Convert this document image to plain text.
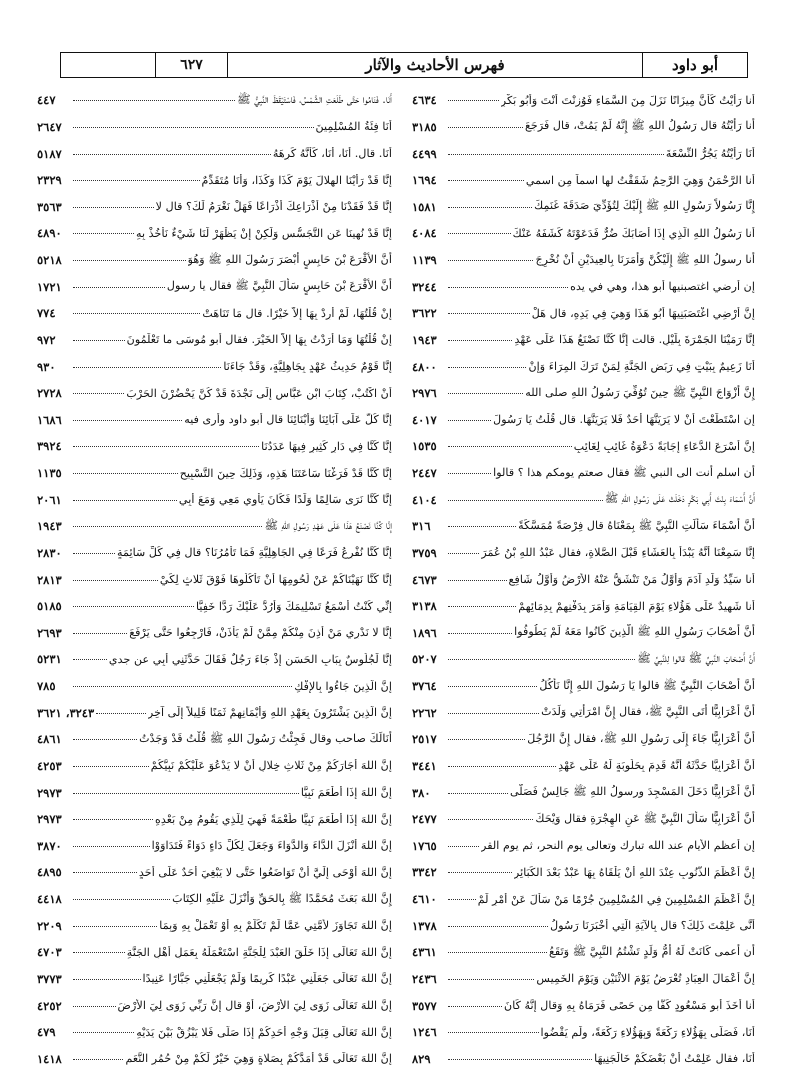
٦٢٧	فهرس الأحاديث والآثار	أبو داود
أَنا رَأَيْتُ كَأَنَّ مِيزَانًا نَزَلَ مِنَ السَّمَاءِ فَوُزِنْتَ أَنْتَ وَأَبُو بَكْرٍ
٤٦٣٤
أنا رَأَيْتُهُ قال رَسُولُ اللهِ ﷺ إِنَّهُ لَمْ يَمُتْ، قال فَرَجَعَ
٣١٨٥
أَنَا رَأَيْتُهُ يَجُرُّ النِّسْعَةَ
٤٤٩٩
أَنا الرَّحْمَنُ وَهِيَ الرَّحِمُ شَقَقْتُ لها اسماً مِن اسمي
١٦٩٤
إِنَّا رَسُولاً رَسُولِ اللهِ ﷺ إِلَيْكَ لِتُؤَدِّيَ صَدَقَةَ غَنَمِكَ
١٥٨١
أَنا رَسُولُ اللهِ الَّذِي إِذَا أَصَابَكَ ضُرٌّ فَدَعَوْتَهُ كَشَفَهُ عَنْكَ
٤٠٨٤
أَنا رسولُ اللهِ ﷺ إِلَيْكُنَّ وَأَمَرَنَا بِالعِيدَيْنِ أَنْ نُخْرِجَ
١١٣٩
إن أرضي اغتصبنيها أبو هذا، وهي في يده
٣٢٤٤
إِنَّ أَرْضِي اغْتَصَبَنِيهَا أَبُو هَذَا وَهِيَ فِي يَدِهِ، قال هَلْ
٣٦٢٢
إِنَّا رَمَيْنَا الجَمْرَةَ بِلَيْلٍ. قالت إِنَّا كُنَّا نَصْنَعُ هَذَا عَلَى عَهْدِ
١٩٤٣
أَنَا زَعِيمٌ بِبَيْتٍ فِي رَبَضِ الجَنَّةِ لِمَنْ تَرَكَ المِرَاءَ وَإِنْ
٤٨٠٠
إِنَّ أَزْوَاجَ النَّبِيِّ ﷺ حِينَ تُوُفِّيَ رَسُولُ اللهِ صلى الله
٢٩٧٦
إِنِ اسْتَطَعْتَ أَنْ لا يَرَيَنَّهَا أَحَدٌ فَلا يَرَيَنَّهَا. قال قُلْتُ يَا رَسُولَ
٤٠١٧
إِنَّ أَسْرَعَ الدُّعَاءِ إِجَابَةً دَعْوَةُ غَائِبٍ لِغَائِبٍ
١٥٣٥
أن اسلم أنت الى النبي ﷺ فقال صعتم يومكم هذا ؟ قالوا
٢٤٤٧
أَنَّ أَسْمَاءَ بِنْتَ أَبِي بَكْرٍ دَخَلَتْ عَلَى رَسُولِ اللهِ ﷺ
٤١٠٤
أَنَّ أَسْمَاءَ سَأَلَتِ النَّبِيَّ ﷺ بِمَعْنَاهُ قال فِرْصَةً مُمَسَّكَةً
٣١٦
إِنَّا سَمِعْنَا أَنَّهُ يَبْدَأُ بِالعَشَاءِ قَبْلَ الصَّلاةِ، فقال عَبْدُ اللهِ بْنُ عُمَرَ
٣٧٥٩
أَنا سَيِّدُ وَلَدِ آدَمَ وَأَوَّلُ مَنْ تَنْشَقُّ عَنْهُ الأَرْضُ وَأَوَّلُ شَافِعٍ
٤٦٧٣
أَنا شَهِيدٌ عَلَى هَؤُلاءِ يَوْمَ القِيَامَةِ وَأَمَرَ بِدَفْنِهِمْ بِدِمَائِهِمْ
٣١٣٨
أَنَّ أَصْحَابَ رَسُولِ اللهِ ﷺ الَّذِينَ كَانُوا مَعَهُ لَمْ يَطُوفُوا
١٨٩٦
أَنَّ أَصْحَابَ النَّبِيِّ ﷺ قالوا لِلنَّبِيِّ ﷺ
٥٢٠٧
أَنَّ أَصْحَابَ النَّبِيِّ ﷺ قالوا يَا رَسُولَ اللهِ إِنَّا نَأْكُلُ
٣٧٦٤
أَنَّ أَعْرَابِيًّا أَتَى النَّبِيَّ ﷺ، فقال إِنَّ امْرَأَتِي وَلَدَتْ
٢٢٦٢
أَنَّ أَعْرَابِيًّا جَاءَ إِلَى رَسُولِ اللهِ ﷺ، فقال إِنَّ الرَّجُلَ
٢٥١٧
أَنَّ أَعْرَابِيًّا حَدَّثَهُ أَنَّهُ قَدِمَ بِحَلُوبَةٍ لَهُ عَلَى عَهْدِ
٣٤٤١
أَنَّ أَعْرَابِيًّا دَخَلَ المَسْجِدَ ورسولُ اللهِ ﷺ جَالِسٌ فَصَلَّى
٣٨٠
أَنَّ أَعْرَابِيًّا سَأَلَ النَّبِيَّ ﷺ عَنِ الهِجْرَةِ فقال وَيْحَكَ
٢٤٧٧
إن أعظم الأيام عند الله تبارك وتعالى يوم النحر، ثم يوم القر
١٧٦٥
إِنَّ أَعْظَمَ الذُّنُوبِ عِنْدَ اللهِ أَنْ يَلْقَاهُ بِهَا عَبْدٌ بَعْدَ الكَبَائِرِ
٣٣٤٢
إِنَّ أَعْظَمَ المُسْلِمِينَ فِي المُسْلِمِينَ جُرْمًا مَنْ سَأَلَ عَنْ أَمْرٍ لَمْ
٤٦١٠
أَنَّى عَلِمْتَ ذَلِكَ؟ قال بِالآيَةِ الَّتِي أَخْبَرَنَا رَسُولُ
١٣٧٨
أن أعمى كَانَتْ لَهُ أُمُّ وَلَدٍ تَشْتُمُ النَّبِيَّ ﷺ وَتَقَعُ
٤٣٦١
إِنَّ أَعْمَالَ العِبَادِ تُعْرَضُ يَوْمَ الاثْنَيْنِ وَيَوْمَ الخَمِيسِ
٢٤٣٦
أَنا أَخَذَ أبو مَسْعُودٍ كَفًّا مِن حَصًى فَرَمَاهُ بِهِ وَقال إِنَّهُ كَانَ
٣٥٧٧
أَنَا، فَصَلَّى بِهَؤُلاءِ رَكْعَةً وَبِهَؤُلاءِ رَكْعَةً، ولَم يَقْضُوا
١٢٤٦
أَنَا، فقال عَلِمْتُ أَنْ بَعْضَكُمْ خَالَجَنِيهَا
٨٢٩
أَنَا. فَنَامُوا حَتَّى طَلَعَتِ الشَّمْسُ، فَاسْتَيْقَظَ النَّبِيُّ ﷺ
٤٤٧
أَنَا فِئَةُ المُسْلِمِينَ
٢٦٤٧
أَنَا. قال. أَنَا، أَنَا، كَأَنَّهُ كَرِهَهُ
٥١٨٧
إِنَّا قَدْ رَأَيْنَا الهِلالَ يَوْمَ كَذَا وَكَذَا، وَأَنَا مُتَقَدِّمٌ
٢٣٢٩
إِنَّا قَدْ فَقَدْنَا مِنْ أَذْرَاعِكَ أَذْرَاعًا فَهَلْ نَغْرَمُ لَكَ؟ قال لا
٣٥٦٣
إِنَّا قَدْ نُهِينَا عَنِ التَّجَسُّسِ وَلَكِنْ إِنْ يَظْهَرْ لَنَا شَيْءٌ نَأْخُذْ بِهِ
٤٨٩٠
أَنَّ الأَقْرَعَ بْنَ حَابِسٍ أَبْصَرَ رَسُولَ اللهِ ﷺ وَهُوَ
٥٢١٨
أَنَّ الأَقْرَعَ بْنَ حَابِسٍ سَأَلَ النَّبِيَّ ﷺ فقال يا رسول
١٧٢١
إِنْ قُلْتُهَا، لَمْ أُرِدْ بِهَا إِلاَّ خَيْرًا. قال مَا تَنَاهَتْ
٧٧٤
إِنْ قُلْتُهَا وَمَا أَرَدْتُ بِهَا إِلاَّ الخَيْرَ. فقال أبو مُوسَى ما تَعْلَمُونَ
٩٧٢
إِنَّا قَوْمٌ حَدِيثُ عَهْدٍ بِجَاهِلِيَّةٍ، وَقَدْ جَاءَنَا
٩٣٠
أَنْ اكْتُبْ، كِتَابَ ابْنِ عَبَّاسٍ إِلَى نَجْدَةَ قَدْ كُنَّ يَحْضُرْنَ الحَرْبَ
٢٧٢٨
إِنَّا كُلٌّ عَلَى آبَائِنَا وَأَبْنَائِنَا قال أبو داود وأرى فيه
١٦٨٦
إِنَّا كُنَّا فِي دَارٍ كَثِيرٍ فِيهَا عَدَدُنَا
٣٩٢٤
إِنَّا كُنَّا قَدْ فَرَغْنَا سَاعَتَنَا هَذِهِ، وَذَلِكَ حِينَ التَّسْبِيحِ
١١٣٥
إِنَّا كُنَّا نَرَى سَالِمًا وَلَدًا فَكَانَ يَأْوِي مَعِي وَمَعَ أَبِي
٢٠٦١
إِنَّا كُنَّا نَصْنَعُ هَذَا عَلَى عَهْدِ رَسُولِ اللهِ ﷺ
١٩٤٣
إِنَّا كُنَّا نُفْرِعُ فَرَعًا فِي الجَاهِلِيَّةِ فَمَا تَأْمُرُنَا؟ قال فِي كُلِّ سَائِمَةٍ
٢٨٣٠
إِنَّا كُنَّا نَهَيْنَاكُمْ عَنْ لُحُومِهَا أَنْ تَأْكُلُوهَا فَوْقَ ثَلاثٍ لِكَيْ
٢٨١٣
إِنِّي كُنْتُ أَسْمَعُ تَسْلِيمَكَ وَأَرُدُّ عَلَيْكَ رَدًّا خَفِيًّا
٥١٨٥
إِنَّا لا نَدْرِي مَنْ أَذِنَ مِنْكُمْ مِمَّنْ لَمْ يَأْذَنْ، فَارْجِعُوا حَتَّى يَرْفَعَ
٢٦٩٣
إِنَّا لَجُلُوسٌ بِبَابِ الحَسَنِ إِذْ جَاءَ رَجُلٌ فَقَالَ حَدَّثَنِي أَبِي عن جدي
٥٢٣١
إِنَّ الَّذِينَ جَاءُوا بِالإِفْكِ
٧٨٥
إِنَّ الَّذِينَ يَشْتَرُونَ بِعَهْدِ اللهِ وَأَيْمَانِهِمْ ثَمَنًا قَلِيلاً إِلَى آخِرِ
٣٢٤٣، ٣٦٢١
أَنَالَكَ صاحب وقال فَجِئْتُ رَسُولَ اللهِ ﷺ قُلْتُ قَدْ وَجَدْتُ
٤٨٦١
إِنَّ اللهَ أَجَارَكُمْ مِنْ ثَلاثِ خِلالٍ أَنْ لا يَدْعُوَ عَلَيْكُمْ نَبِيُّكُمْ
٤٢٥٣
إِنَّ اللهَ إِذَا أَطْعَمَ نَبِيًّا
٢٩٧٣
إِنَّ اللهَ إِذَا أَطْعَمَ نَبِيًّا طُعْمَةً فَهِيَ لِلَّذِي يَقُومُ مِنْ بَعْدِهِ
٢٩٧٣
إِنَّ اللهَ أَنْزَلَ الدَّاءَ وَالدَّوَاءَ وَجَعَلَ لِكُلِّ دَاءٍ دَوَاءً فَتَدَاوَوْا
٣٨٧٠
إِنَّ اللهَ أَوْحَى إِلَيَّ أَنْ تَوَاضَعُوا حَتَّى لا يَبْغِيَ أَحَدٌ عَلَى أَحَدٍ
٤٨٩٥
إِنَّ اللهَ بَعَثَ مُحَمَّدًا ﷺ بِالحَقِّ وَأَنْزَلَ عَلَيْهِ الكِتَابَ
٤٤١٨
إِنَّ اللهَ تَجَاوَزَ لأُمَّتِي عَمَّا لَمْ تَكَلَّمْ بِهِ أَوْ تَعْمَلْ بِهِ وَبِمَا
٢٢٠٩
إِنَّ اللهَ تَعَالَى إِذَا خَلَقَ العَبْدَ لِلْجَنَّةِ اسْتَعْمَلَهُ بِعَمَلِ أَهْلِ الجَنَّةِ
٤٧٠٣
إِنَّ اللهَ تَعَالَى جَعَلَنِي عَبْدًا كَرِيمًا وَلَمْ يَجْعَلْنِي جَبَّارًا عَنِيدًا
٣٧٧٣
إِنَّ اللهَ تَعَالَى زَوَى لِيَ الأَرْضَ، أَوْ قال إِنَّ رَبِّي زَوَى لِيَ الأَرْضَ
٤٢٥٢
إِنَّ اللهَ تَعَالَى قِبَلَ وَجْهِ أَحَدِكُمْ إِذَا صَلَّى فَلا يَبْزُقْ بَيْنَ يَدَيْهِ
٤٧٩
إِنَّ اللهَ تَعَالَى قَدْ أَمَدَّكُمْ بِصَلاةٍ وَهِيَ خَيْرٌ لَكُمْ مِنْ حُمُرِ النَّعَمِ
١٤١٨
